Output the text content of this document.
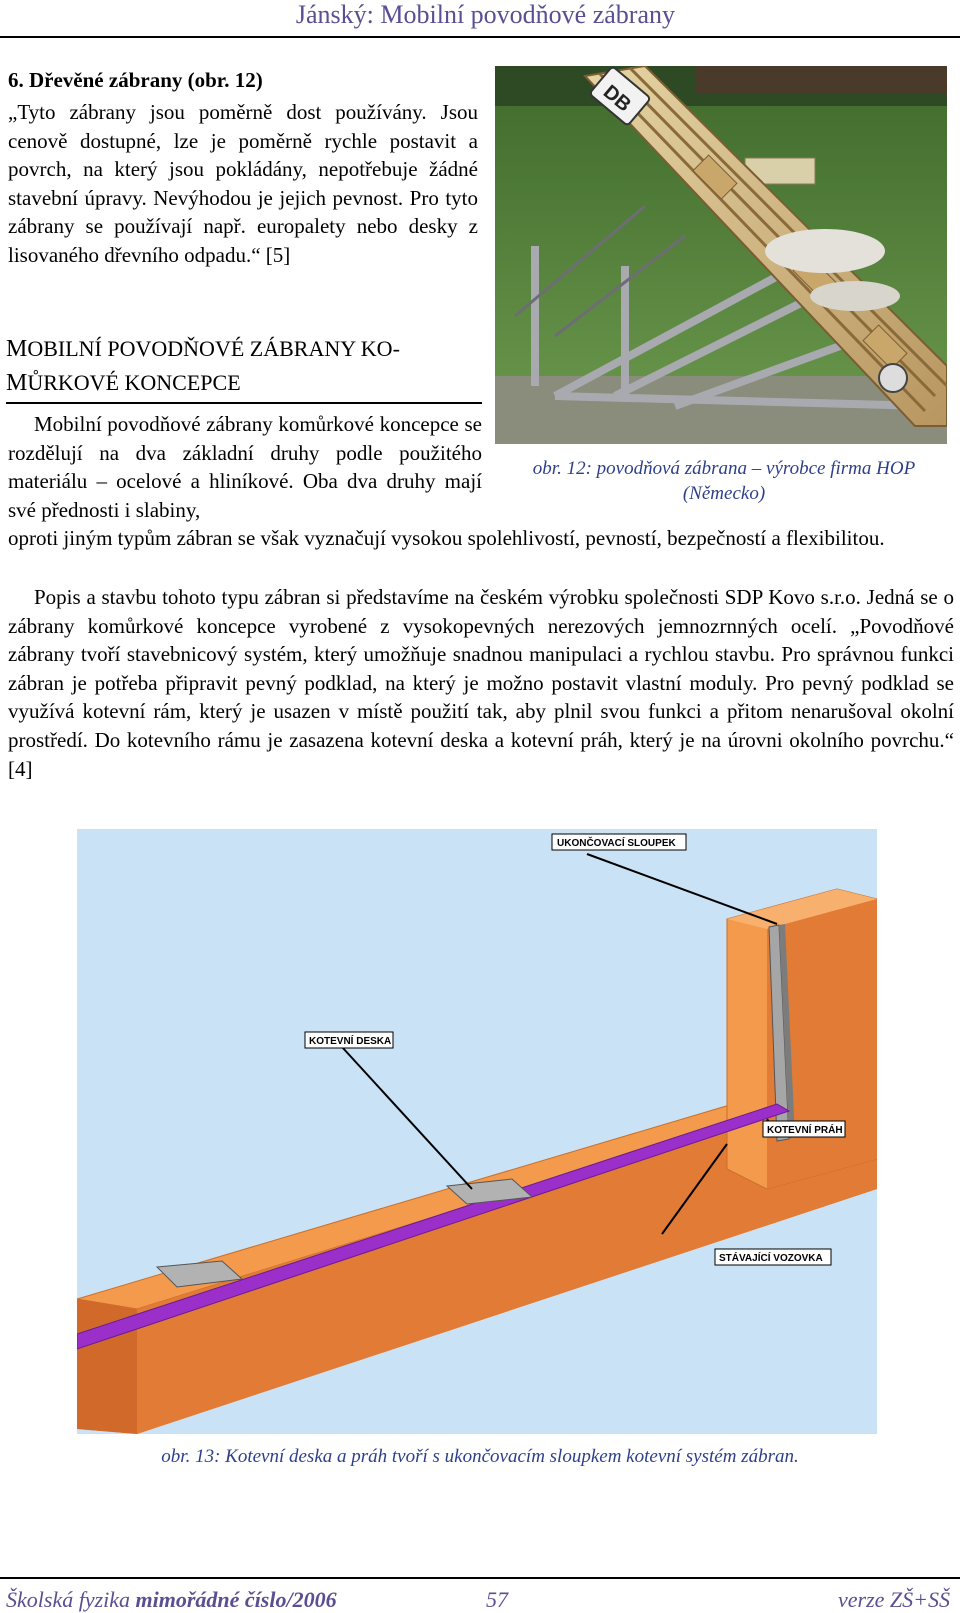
Jánský: Mobilní povodňové zábrany
6. Dřevěné zábrany (obr. 12)
„Tyto zábrany jsou poměrně dost používány. Jsou cenově dostupné, lze je poměrně rychle postavit a povrch, na který jsou pokládány, nepotřebuje žádné stavební úpravy. Nevýhodou je jejich pevnost. Pro tyto zábrany se používají např. europalety nebo desky z lisovaného dřevního odpadu.“ [5]
MOBILNÍ POVODŇOVÉ ZÁBRANY KO-
MŮRKOVÉ KONCEPCE
Mobilní povodňové zábrany komůrkové koncepce se rozdělují na dva základní druhy podle použitého materiálu – ocelové a hliníkové. Oba dva druhy mají své přednosti i slabiny,
oproti jiným typům zábran se však vyznačují vysokou spolehlivostí, pevností, bezpečností a flexibilitou.
Popis a stavbu tohoto typu zábran si představíme na českém výrobku společnosti SDP Kovo s.r.o. Jedná se o zábrany komůrkové koncepce vyrobené z vysokopevných nerezových jemnozrnných ocelí. „Povodňové zábrany tvoří stavebnicový systém, který umožňuje snadnou manipulaci a rychlou stavbu. Pro správnou funkci zábran je potřeba připravit pevný podklad, na který je možno postavit vlastní moduly. Pro pevný podklad se využívá kotevní rám, který je usazen v místě použití tak, aby plnil svou funkci a přitom nenarušoval okolní prostředí. Do kotevního rámu je zasazena kotevní deska a kotevní práh, který je na úrovni okolního povrchu.“ [4]
DB
obr. 12: povodňová zábrana – výrobce firma HOP
(Německo)
UKONČOVACÍ SLOUPEK
KOTEVNÍ DESKA
KOTEVNÍ PRÁH
STÁVAJÍCÍ VOZOVKA
obr. 13: Kotevní deska a práh tvoří s ukončovacím sloupkem kotevní systém zábran.
Školská fyzika mimořádné číslo/2006	57	verze ZŠ+SŠ
